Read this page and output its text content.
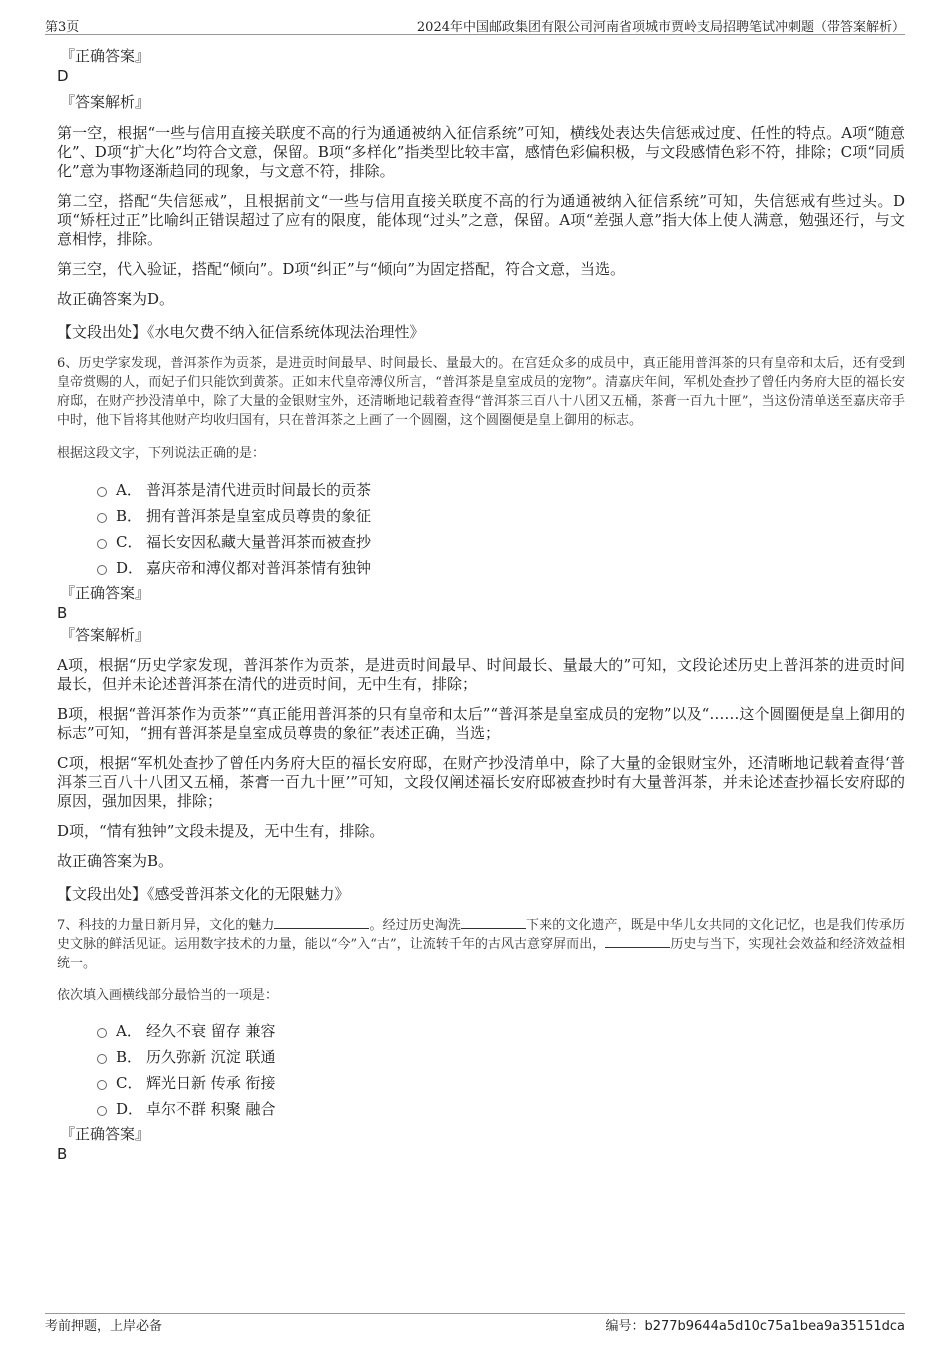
第3页	2024年中国邮政集团有限公司河南省项城市贾岭支局招聘笔试冲刺题（带答案解析）
『正确答案』
D
『答案解析』

第一空，根据“一些与信用直接关联度不高的行为通通被纳入征信系统”可知，横线处表达失信惩戒过度、任性的特点。A项“随意化”、D项“扩大化”均符合文意，保留。B项“多样化”指类型比较丰富，感情色彩偏积极，与文段感情色彩不符，排除；C项“同质化”意为事物逐渐趋同的现象，与文意不符，排除。

第二空，搭配“失信惩戒”，且根据前文“一些与信用直接关联度不高的行为通通被纳入征信系统”可知，失信惩戒有些过头。D项“矫枉过正”比喻纠正错误超过了应有的限度，能体现“过头”之意，保留。A项“差强人意”指大体上使人满意，勉强还行，与文意相悖，排除。

第三空，代入验证，搭配“倾向”。D项“纠正”与“倾向”为固定搭配，符合文意，当选。

故正确答案为D。

【文段出处】《水电欠费不纳入征信系统体现法治理性》

6、历史学家发现，普洱茶作为贡茶，是进贡时间最早、时间最长、量最大的。在宫廷众多的成员中，真正能用普洱茶的只有皇帝和太后，还有受到皇帝赏赐的人，而妃子们只能饮到黄茶。正如末代皇帝溥仪所言，“普洱茶是皇室成员的宠物”。清嘉庆年间，军机处查抄了曾任内务府大臣的福长安府邸，在财产抄没清单中，除了大量的金银财宝外，还清晰地记载着查得“普洱茶三百八十八团又五桶，茶膏一百九十匣”，当这份清单送至嘉庆帝手中时，他下旨将其他财产均收归国有，只在普洱茶之上画了一个圆圈，这个圆圈便是皇上御用的标志。

根据这段文字，下列说法正确的是：

A． 普洱茶是清代进贡时间最长的贡茶
B． 拥有普洱茶是皇室成员尊贵的象征
C． 福长安因私藏大量普洱茶而被查抄
D． 嘉庆帝和溥仪都对普洱茶情有独钟
『正确答案』
B
『答案解析』

A项，根据“历史学家发现，普洱茶作为贡茶，是进贡时间最早、时间最长、量最大的”可知，文段论述历史上普洱茶的进贡时间最长，但并未论述普洱茶在清代的进贡时间，无中生有，排除；

B项，根据“普洱茶作为贡茶”“真正能用普洱茶的只有皇帝和太后”“普洱茶是皇室成员的宠物”以及“……这个圆圈便是皇上御用的标志”可知，“拥有普洱茶是皇室成员尊贵的象征”表述正确，当选；

C项，根据“军机处查抄了曾任内务府大臣的福长安府邸，在财产抄没清单中，除了大量的金银财宝外，还清晰地记载着查得‘普洱茶三百八十八团又五桶，茶膏一百九十匣’”可知，文段仅阐述福长安府邸被查抄时有大量普洱茶，并未论述查抄福长安府邸的原因，强加因果，排除；

D项，“情有独钟”文段未提及，无中生有，排除。

故正确答案为B。

【文段出处】《感受普洱茶文化的无限魅力》

7、科技的力量日新月异，文化的魅力	。经过历史淘洗	下来的文化遗产，既是中华儿女共同的文化记忆，也是我们传承历史文脉的鲜活见证。运用数字技术的力量，能以“今”入“古”，让流转千年的古风古意穿屏而出，	历史与当下，实现社会效益和经济效益相统一。

依次填入画横线部分最恰当的一项是：

A． 经久不衰 留存 兼容
B． 历久弥新 沉淀 联通
C． 辉光日新 传承 衔接
D． 卓尔不群 积聚 融合
『正确答案』
B
考前押题，上岸必备	编号：b277b9644a5d10c75a1bea9a35151dca
